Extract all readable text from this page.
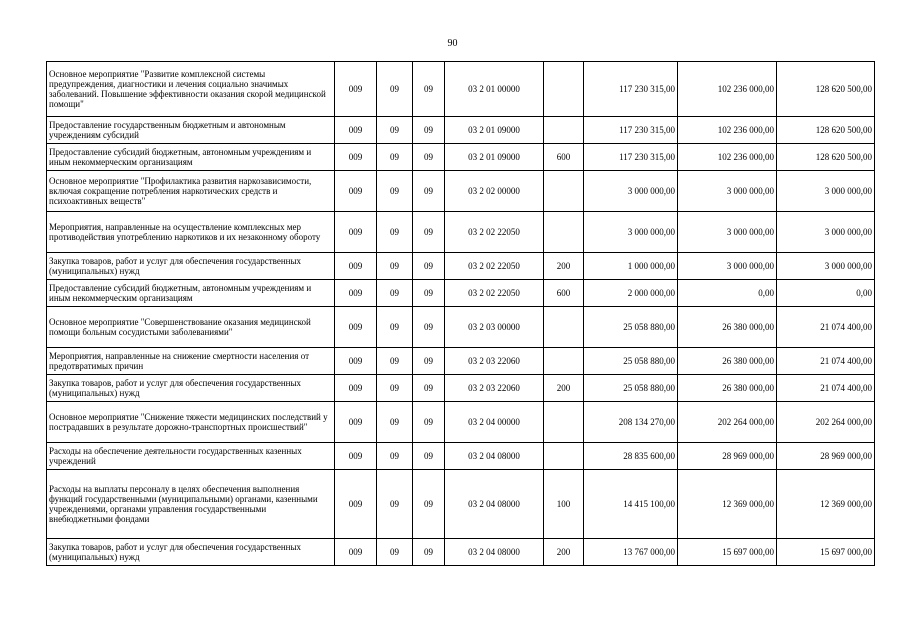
90
Основное мероприятие "Развитие комплексной системы предупреждения, диагностики и лечения социально значимых заболеваний. Повышение эффективности оказания скорой медицинской помощи"	009	09	09	03 2 01 00000		117 230 315,00	102 236 000,00	128 620 500,00
Предоставление государственным бюджетным и автономным учреждениям субсидий	009	09	09	03 2 01 09000		117 230 315,00	102 236 000,00	128 620 500,00
Предоставление субсидий бюджетным, автономным учреждениям и иным некоммерческим организациям	009	09	09	03 2 01 09000	600	117 230 315,00	102 236 000,00	128 620 500,00
Основное мероприятие "Профилактика развития наркозависимости, включая сокращение потребления наркотических средств и психоактивных веществ"	009	09	09	03 2 02 00000		3 000 000,00	3 000 000,00	3 000 000,00
Мероприятия, направленные на осуществление комплексных мер противодействия употреблению наркотиков и их незаконному обороту	009	09	09	03 2 02 22050		3 000 000,00	3 000 000,00	3 000 000,00
Закупка товаров, работ и услуг для обеспечения государственных (муниципальных) нужд	009	09	09	03 2 02 22050	200	1 000 000,00	3 000 000,00	3 000 000,00
Предоставление субсидий бюджетным, автономным учреждениям и иным некоммерческим организациям	009	09	09	03 2 02 22050	600	2 000 000,00	0,00	0,00
Основное мероприятие "Совершенствование оказания медицинской помощи больным сосудистыми заболеваниями"	009	09	09	03 2 03 00000		25 058 880,00	26 380 000,00	21 074 400,00
Мероприятия, направленные на снижение смертности населения от предотвратимых причин	009	09	09	03 2 03 22060		25 058 880,00	26 380 000,00	21 074 400,00
Закупка товаров, работ и услуг для обеспечения государственных (муниципальных) нужд	009	09	09	03 2 03 22060	200	25 058 880,00	26 380 000,00	21 074 400,00
Основное мероприятие "Снижение тяжести медицинских последствий у пострадавших в результате дорожно-транспортных происшествий"	009	09	09	03 2 04 00000		208 134 270,00	202 264 000,00	202 264 000,00
Расходы на обеспечение деятельности государственных казенных учреждений	009	09	09	03 2 04 08000		28 835 600,00	28 969 000,00	28 969 000,00
Расходы на выплаты персоналу в целях обеспечения выполнения функций государственными (муниципальными) органами, казенными учреждениями, органами управления государственными внебюджетными фондами	009	09	09	03 2 04 08000	100	14 415 100,00	12 369 000,00	12 369 000,00
Закупка товаров, работ и услуг для обеспечения государственных (муниципальных) нужд	009	09	09	03 2 04 08000	200	13 767 000,00	15 697 000,00	15 697 000,00
